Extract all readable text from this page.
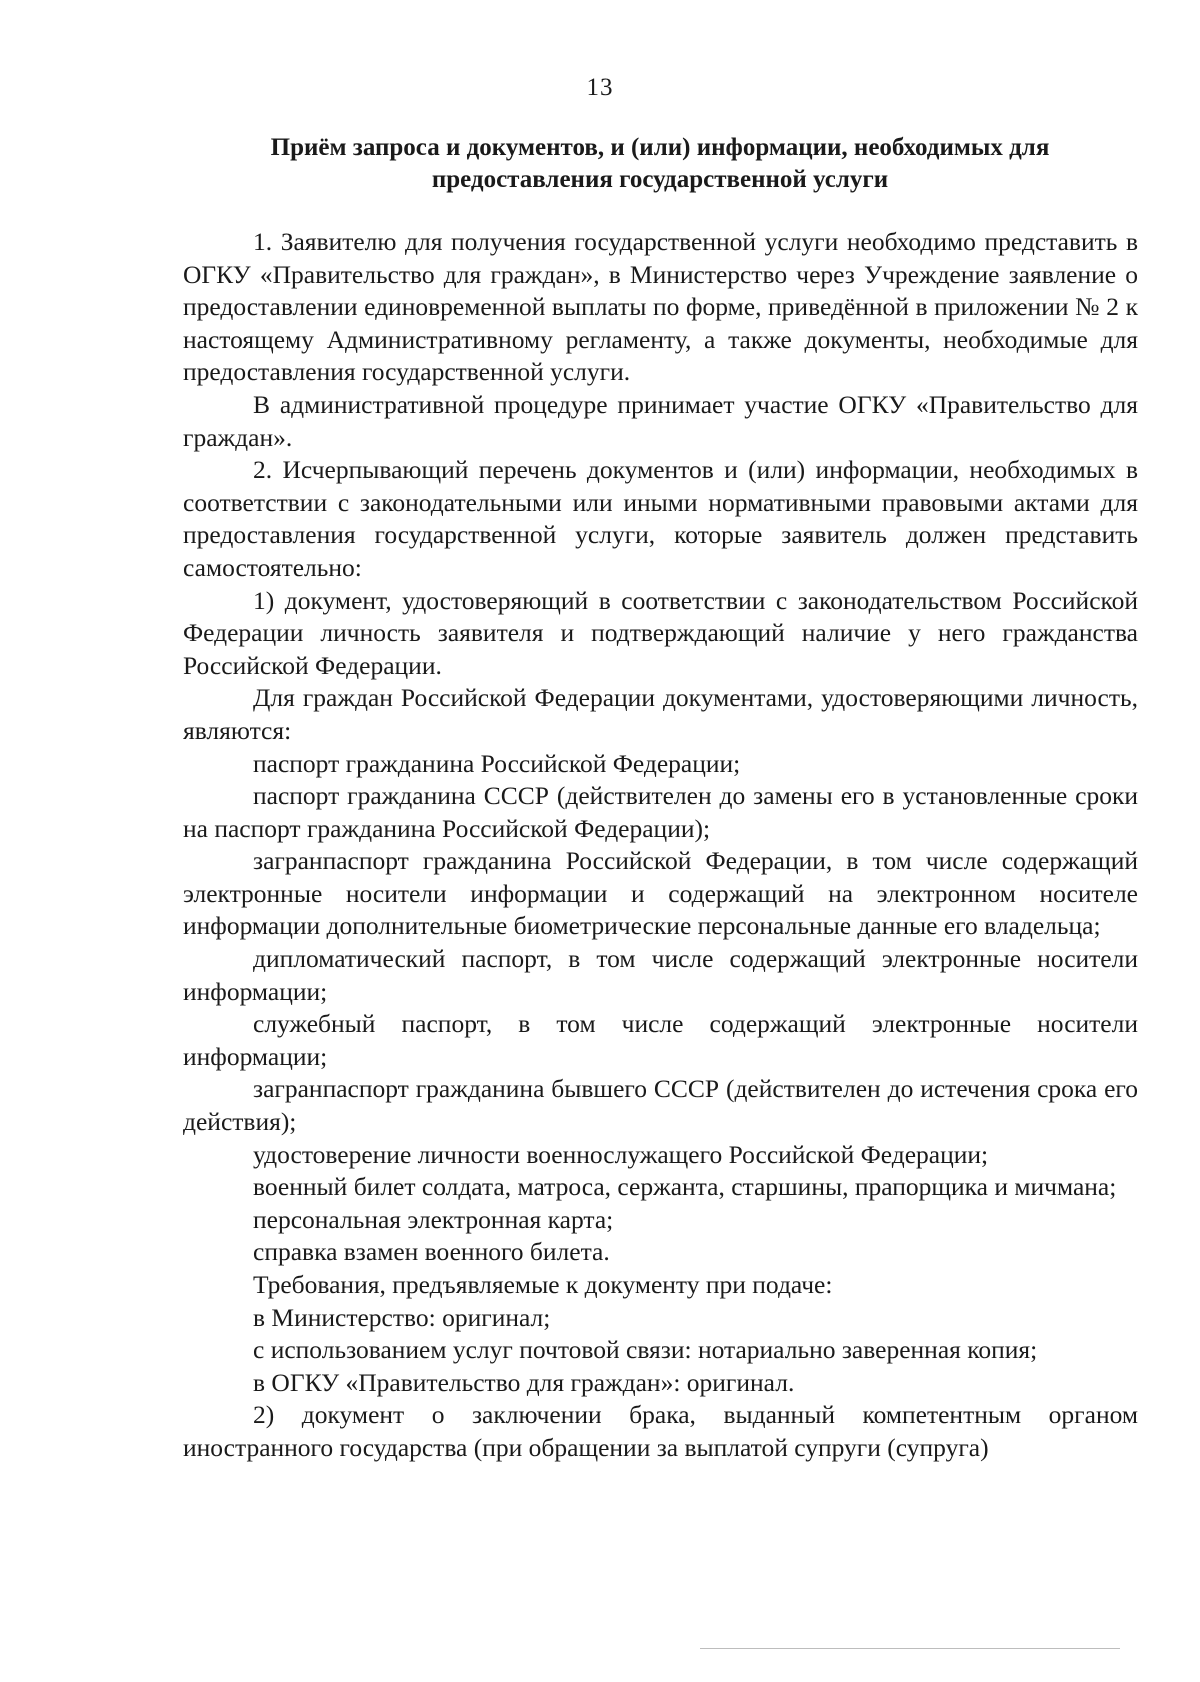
13
Приём запроса и документов, и (или) информации, необходимых для
предоставления государственной услуги

1. Заявителю для получения государственной услуги необходимо представить в ОГКУ «Правительство для граждан», в Министерство через Учреждение заявление о предоставлении единовременной выплаты по форме, приведённой в приложении № 2 к настоящему Административному регламенту, а также документы, необходимые для предоставления государственной услуги.

В административной процедуре принимает участие ОГКУ «Правительство для граждан».

2. Исчерпывающий перечень документов и (или) информации, необходимых в соответствии с законодательными или иными нормативными правовыми актами для предоставления государственной услуги, которые заявитель должен представить самостоятельно:

1) документ, удостоверяющий в соответствии с законодательством Российской Федерации личность заявителя и подтверждающий наличие у него гражданства Российской Федерации.

Для граждан Российской Федерации документами, удостоверяющими личность, являются:

паспорт гражданина Российской Федерации;

паспорт гражданина СССР (действителен до замены его в установленные сроки на паспорт гражданина Российской Федерации);

загранпаспорт гражданина Российской Федерации, в том числе содержащий электронные носители информации и содержащий на электронном носителе информации дополнительные биометрические персональные данные его владельца;

дипломатический паспорт, в том числе содержащий электронные носители информации;

служебный паспорт, в том числе содержащий электронные носители информации;

загранпаспорт гражданина бывшего СССР (действителен до истечения срока его действия);

удостоверение личности военнослужащего Российской Федерации;

военный билет солдата, матроса, сержанта, старшины, прапорщика и мичмана;

персональная электронная карта;

справка взамен военного билета.

Требования, предъявляемые к документу при подаче:

в Министерство: оригинал;

с использованием услуг почтовой связи: нотариально заверенная копия;

в ОГКУ «Правительство для граждан»: оригинал.

2) документ о заключении брака, выданный компетентным органом иностранного государства (при обращении за выплатой супруги (супруга)
